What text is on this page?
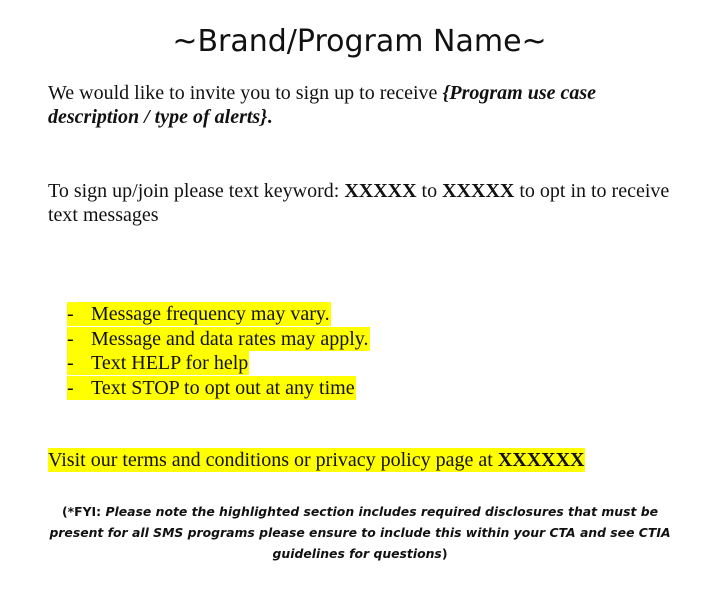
~Brand/Program Name~

We would like to invite you to sign up to receive {Program use case description / type of alerts}.

To sign up/join please text keyword: XXXXX to XXXXX to opt in to receive text messages

- Message frequency may vary.
- Message and data rates may apply.
- Text HELP for help
- Text STOP to opt out at any time

Visit our terms and conditions or privacy policy page at XXXXXX

(*FYI: Please note the highlighted section includes required disclosures that must be present for all SMS programs please ensure to include this within your CTA and see CTIA guidelines for questions)
